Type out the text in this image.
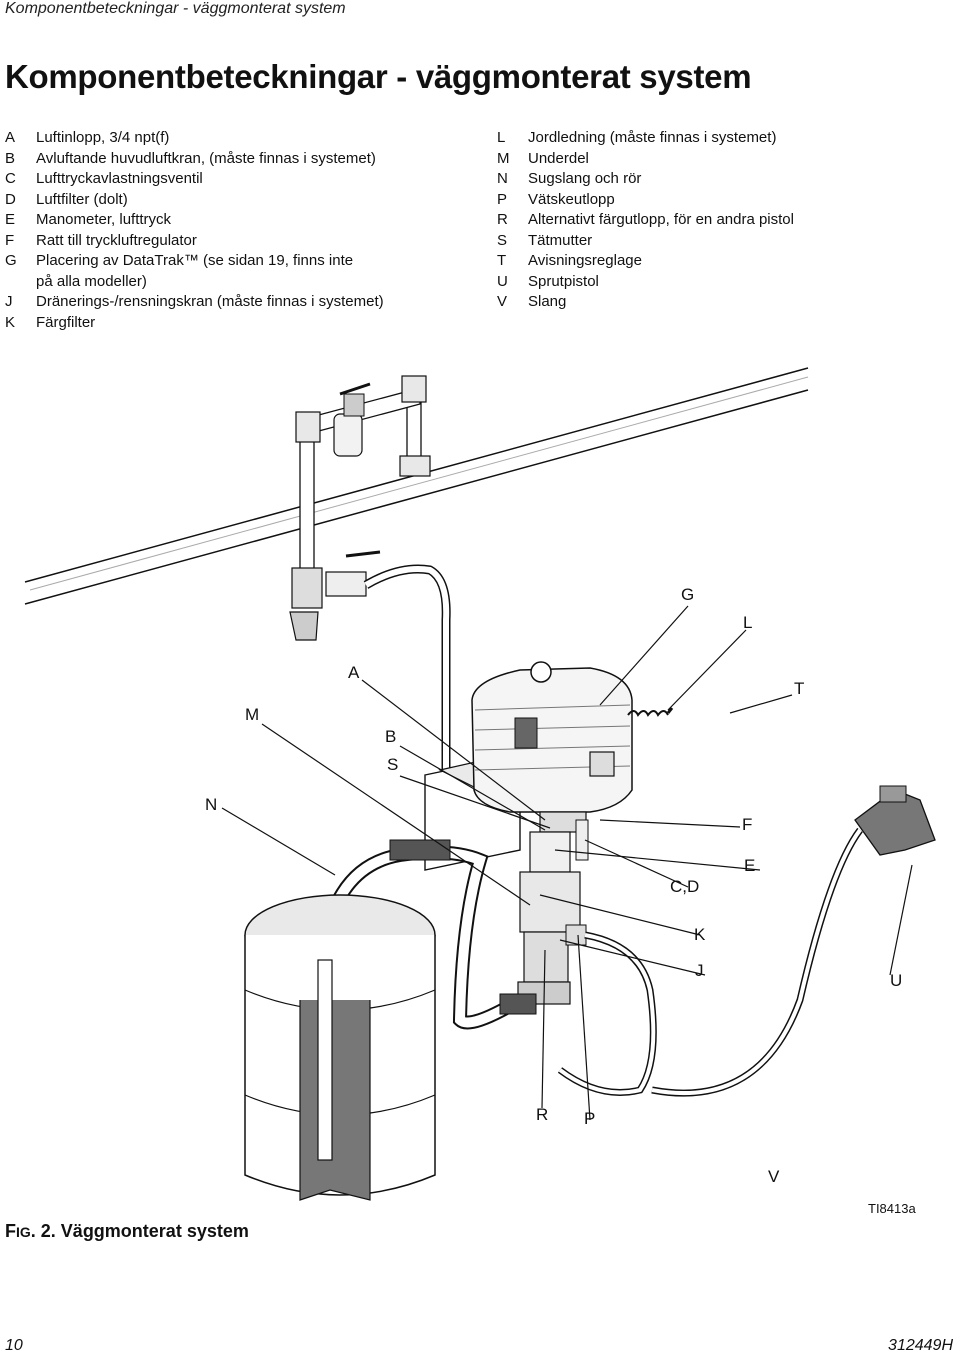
Komponentbeteckningar - väggmonterat system
Komponentbeteckningar - väggmonterat system
A	Luftinlopp, 3/4 npt(f)
B	Avluftande huvudluftkran, (måste finnas i systemet)
C	Lufttryckavlastningsventil
D	Luftfilter (dolt)
E	Manometer, lufttryck
F	Ratt till tryckluftregulator
G	Placering av DataTrak™ (se sidan 19, finns inte
på alla modeller)
J	Dränerings-/rensningskran (måste finnas i systemet)
K	Färgfilter
L	Jordledning (måste finnas i systemet)
M	Underdel
N	Sugslang och rör
P	Vätskeutlopp
R	Alternativt färgutlopp, för en andra pistol
S	Tätmutter
T	Avisningsreglage
U	Sprutpistol
V	Slang
G
L
A
T
M
B
S
N
F
E
C,D
K
J
U
R P
V
TI8413a
FIG. 2. Väggmonterat system
10	312449H
